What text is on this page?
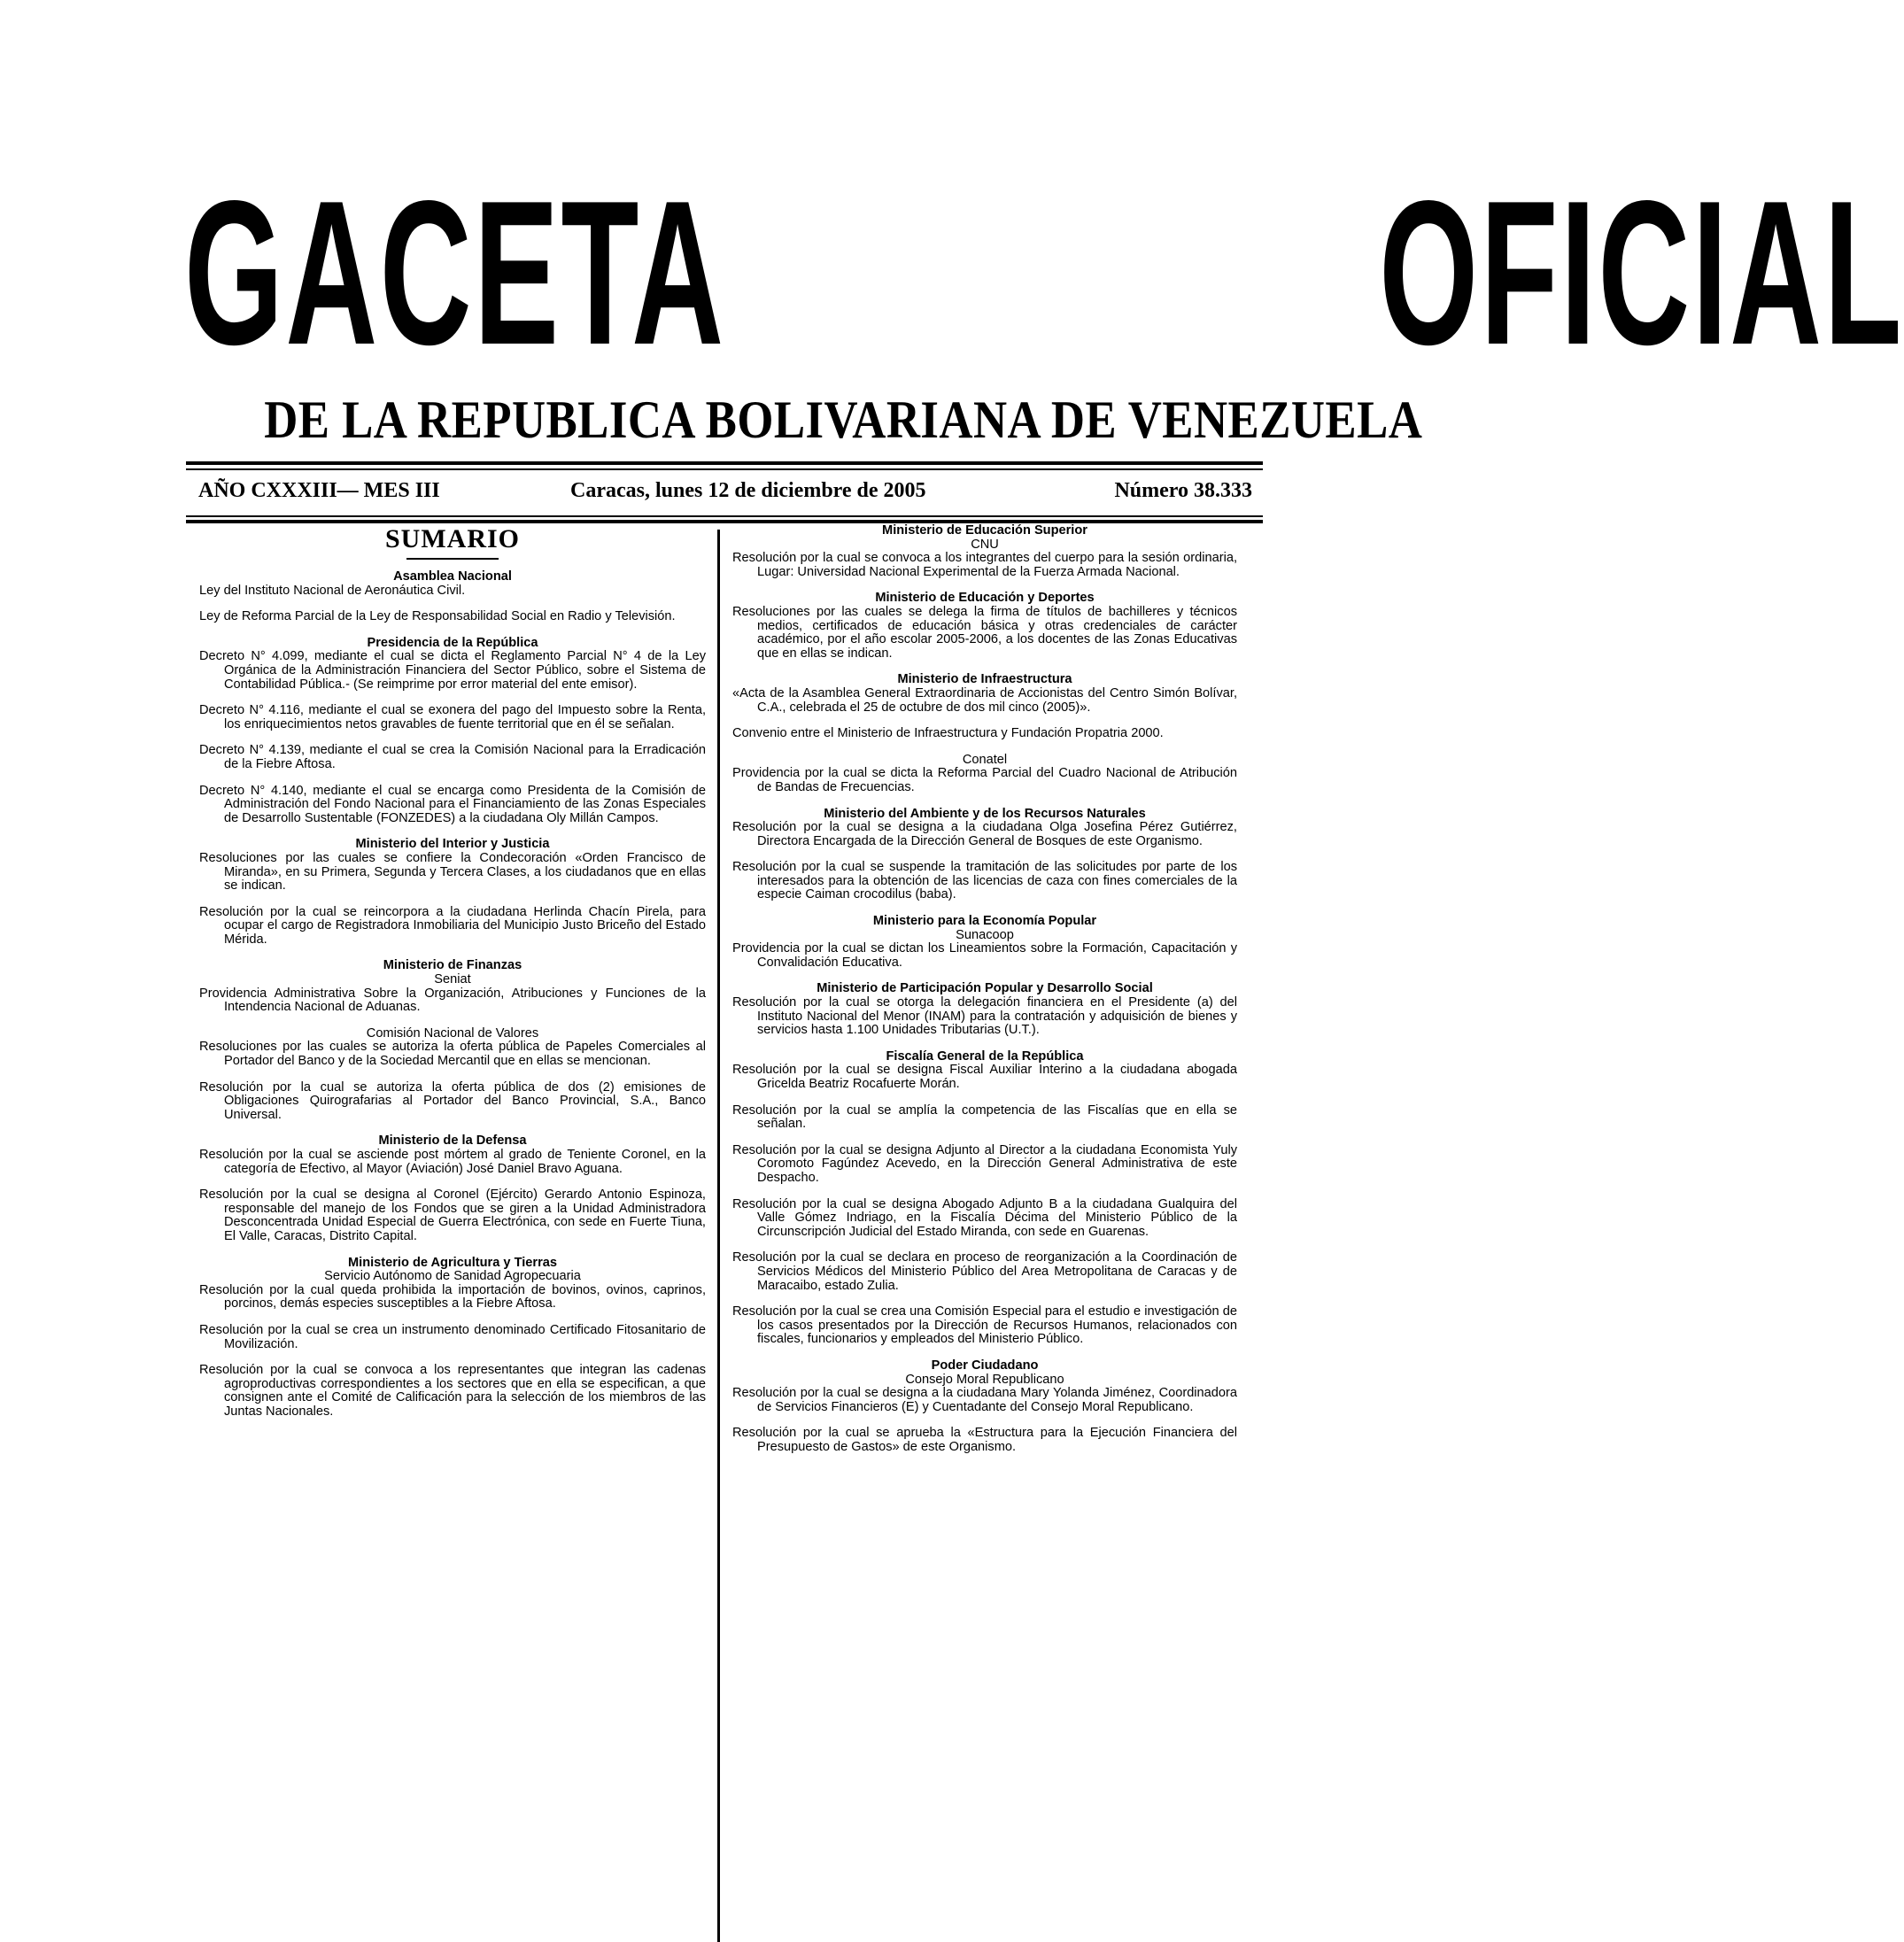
GACETA	OFICIAL
DE LA REPUBLICA BOLIVARIANA DE VENEZUELA
AÑO CXXXIII— MES III	Caracas, lunes 12 de diciembre de 2005	Número 38.333
SUMARIO
Asamblea Nacional
Ley del Instituto Nacional de Aeronáutica Civil.
Ley de Reforma Parcial de la Ley de Responsabilidad Social en Radio y Televisión.
Presidencia de la República
Decreto N° 4.099, mediante el cual se dicta el Reglamento Parcial N° 4 de la Ley Orgánica de la Administración Financiera del Sector Público, sobre el Sistema de Contabilidad Pública.- (Se reimprime por error material del ente emisor).
Decreto N° 4.116, mediante el cual se exonera del pago del Impuesto sobre la Renta, los enriquecimientos netos gravables de fuente territorial que en él se señalan.
Decreto N° 4.139, mediante el cual se crea la Comisión Nacional para la Erradicación de la Fiebre Aftosa.
Decreto N° 4.140, mediante el cual se encarga como Presidenta de la Comisión de Administración del Fondo Nacional para el Financiamiento de las Zonas Especiales de Desarrollo Sustentable (FONZEDES) a la ciudadana Oly Millán Campos.
Ministerio del Interior y Justicia
Resoluciones por las cuales se confiere la Condecoración «Orden Francisco de Miranda», en su Primera, Segunda y Tercera Clases, a los ciudadanos que en ellas se indican.
Resolución por la cual se reincorpora a la ciudadana Herlinda Chacín Pirela, para ocupar el cargo de Registradora Inmobiliaria del Municipio Justo Briceño del Estado Mérida.
Ministerio de Finanzas
Seniat
Providencia Administrativa Sobre la Organización, Atribuciones y Funciones de la Intendencia Nacional de Aduanas.
Comisión Nacional de Valores
Resoluciones por las cuales se autoriza la oferta pública de Papeles Comerciales al Portador del Banco y de la Sociedad Mercantil que en ellas se mencionan.
Resolución por la cual se autoriza la oferta pública de dos (2) emisiones de Obligaciones Quirografarias al Portador del Banco Provincial, S.A., Banco Universal.
Ministerio de la Defensa
Resolución por la cual se asciende post mórtem al grado de Teniente Coronel, en la categoría de Efectivo, al Mayor (Aviación) José Daniel Bravo Aguana.
Resolución por la cual se designa al Coronel (Ejército) Gerardo Antonio Espinoza, responsable del manejo de los Fondos que se giren a la Unidad Administradora Desconcentrada Unidad Especial de Guerra Electrónica, con sede en Fuerte Tiuna, El Valle, Caracas, Distrito Capital.
Ministerio de Agricultura y Tierras
Servicio Autónomo de Sanidad Agropecuaria
Resolución por la cual queda prohibida la importación de bovinos, ovinos, caprinos, porcinos, demás especies susceptibles a la Fiebre Aftosa.
Resolución por la cual se crea un instrumento denominado Certificado Fitosanitario de Movilización.
Resolución por la cual se convoca a los representantes que integran las cadenas agroproductivas correspondientes a los sectores que en ella se especifican, a que consignen ante el Comité de Calificación para la selección de los miembros de las Juntas Nacionales.
Ministerio de Educación Superior
CNU
Resolución por la cual se convoca a los integrantes del cuerpo para la sesión ordinaria, Lugar: Universidad Nacional Experimental de la Fuerza Armada Nacional.
Ministerio de Educación y Deportes
Resoluciones por las cuales se delega la firma de títulos de bachilleres y técnicos medios, certificados de educación básica y otras credenciales de carácter académico, por el año escolar 2005-2006, a los docentes de las Zonas Educativas que en ellas se indican.
Ministerio de Infraestructura
«Acta de la Asamblea General Extraordinaria de Accionistas del Centro Simón Bolívar, C.A., celebrada el 25 de octubre de dos mil cinco (2005)».
Convenio entre el Ministerio de Infraestructura y Fundación Propatria 2000.
Conatel
Providencia por la cual se dicta la Reforma Parcial del Cuadro Nacional de Atribución de Bandas de Frecuencias.
Ministerio del Ambiente y de los Recursos Naturales
Resolución por la cual se designa a la ciudadana Olga Josefina Pérez Gutiérrez, Directora Encargada de la Dirección General de Bosques de este Organismo.
Resolución por la cual se suspende la tramitación de las solicitudes por parte de los interesados para la obtención de las licencias de caza con fines comerciales de la especie Caiman crocodilus (baba).
Ministerio para la Economía Popular
Sunacoop
Providencia por la cual se dictan los Lineamientos sobre la Formación, Capacitación y Convalidación Educativa.
Ministerio de Participación Popular y Desarrollo Social
Resolución por la cual se otorga la delegación financiera en el Presidente (a) del Instituto Nacional del Menor (INAM) para la contratación y adquisición de bienes y servicios hasta 1.100 Unidades Tributarias (U.T.).
Fiscalía General de la República
Resolución por la cual se designa Fiscal Auxiliar Interino a la ciudadana abogada Gricelda Beatriz Rocafuerte Morán.
Resolución por la cual se amplía la competencia de las Fiscalías que en ella se señalan.
Resolución por la cual se designa Adjunto al Director a la ciudadana Economista Yuly Coromoto Fagúndez Acevedo, en la Dirección General Administrativa de este Despacho.
Resolución por la cual se designa Abogado Adjunto B a la ciudadana Gualquira del Valle Gómez Indriago, en la Fiscalía Décima del Ministerio Público de la Circunscripción Judicial del Estado Miranda, con sede en Guarenas.
Resolución por la cual se declara en proceso de reorganización a la Coordinación de Servicios Médicos del Ministerio Público del Area Metropolitana de Caracas y de Maracaibo, estado Zulia.
Resolución por la cual se crea una Comisión Especial para el estudio e investigación de los casos presentados por la Dirección de Recursos Humanos, relacionados con fiscales, funcionarios y empleados del Ministerio Público.
Poder Ciudadano
Consejo Moral Republicano
Resolución por la cual se designa a la ciudadana Mary Yolanda Jiménez, Coordinadora de Servicios Financieros (E) y Cuentadante del Consejo Moral Republicano.
Resolución por la cual se aprueba la «Estructura para la Ejecución Financiera del Presupuesto de Gastos» de este Organismo.
